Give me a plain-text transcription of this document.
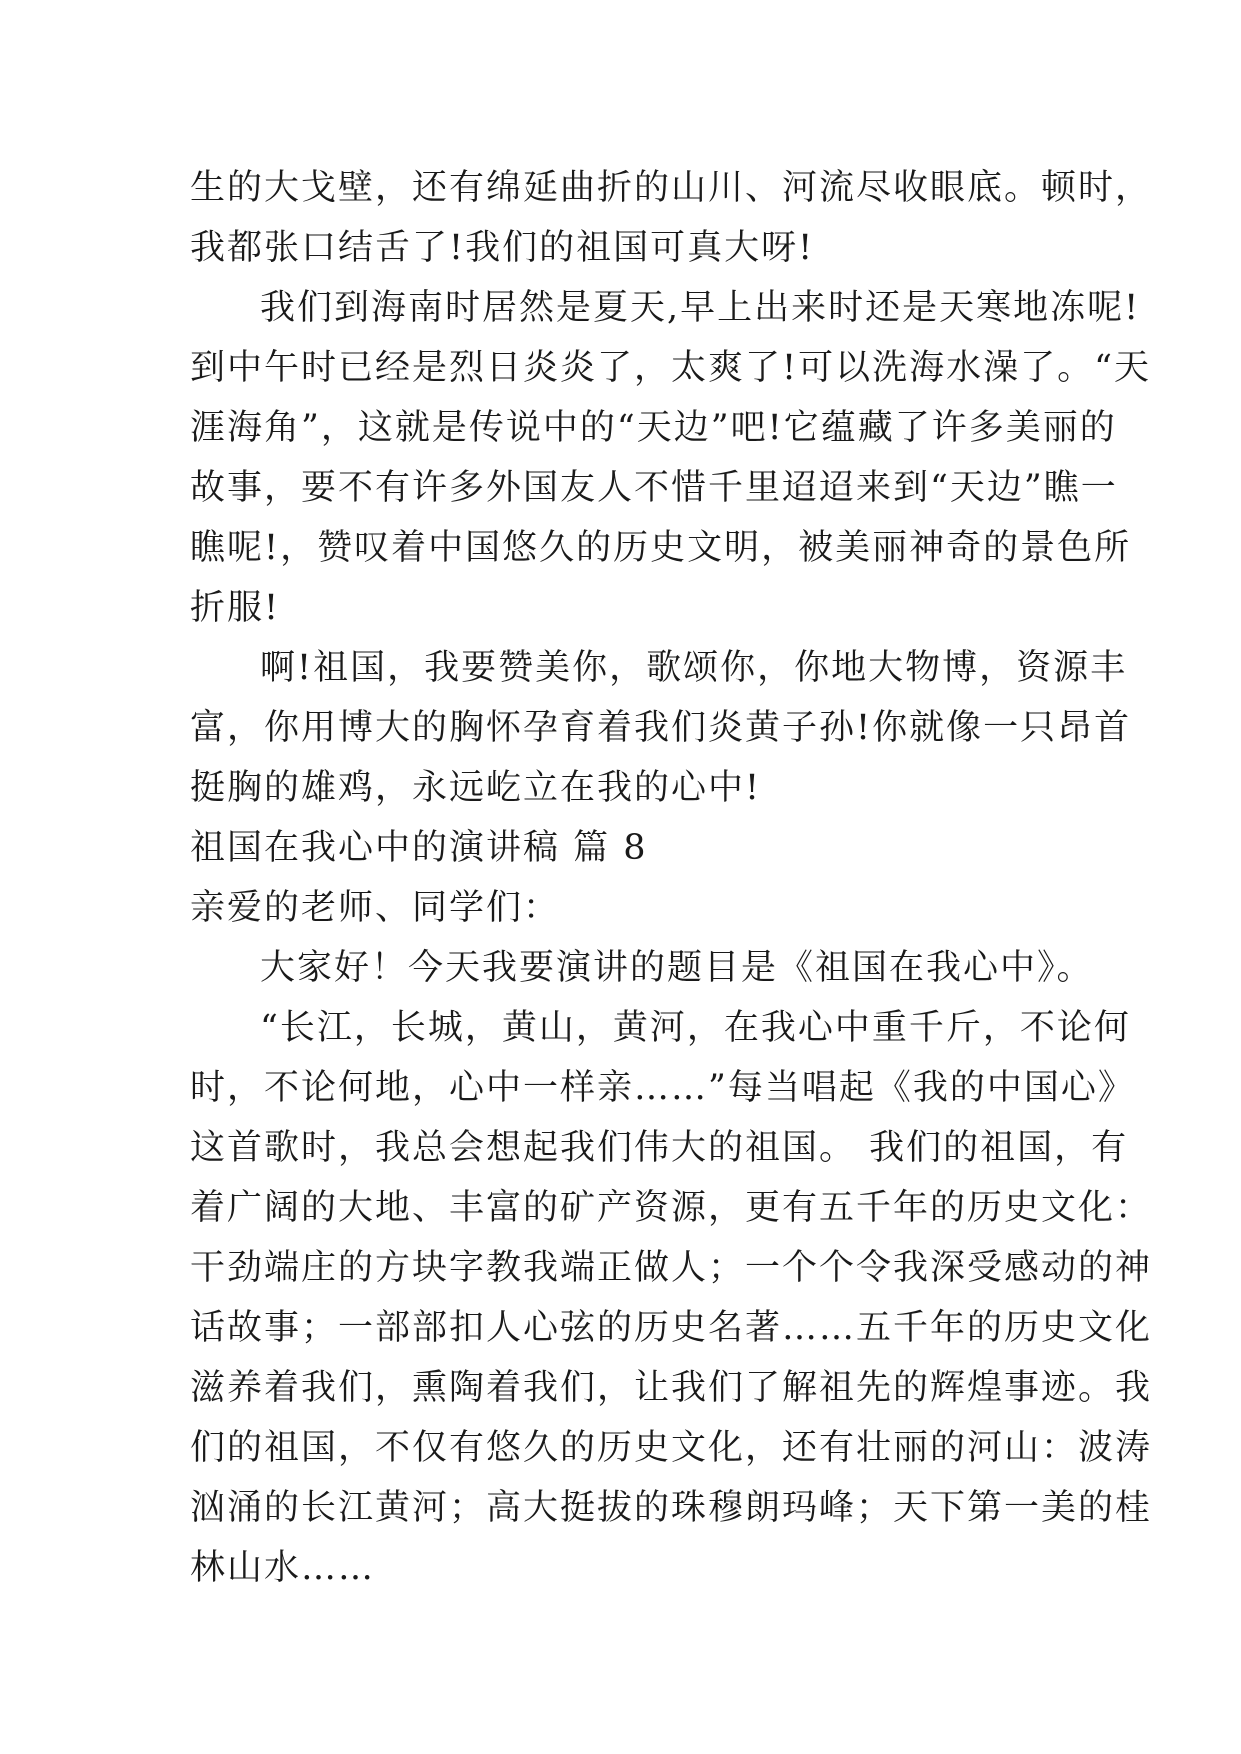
生的大戈壁，还有绵延曲折的山川、河流尽收眼底。顿时，
我都张口结舌了!我们的祖国可真大呀!
我们到海南时居然是夏天,早上出来时还是天寒地冻呢!
到中午时已经是烈日炎炎了，太爽了!可以洗海水澡了。“天
涯海角”，这就是传说中的“天边”吧!它蕴藏了许多美丽的
故事，要不有许多外国友人不惜千里迢迢来到“天边”瞧一
瞧呢!，赞叹着中国悠久的历史文明，被美丽神奇的景色所
折服!
啊!祖国，我要赞美你，歌颂你，你地大物博，资源丰
富，你用博大的胸怀孕育着我们炎黄子孙!你就像一只昂首
挺胸的雄鸡，永远屹立在我的心中!
祖国在我心中的演讲稿 篇 8
亲爱的老师、同学们：
大家好！今天我要演讲的题目是《祖国在我心中》。
“长江，长城，黄山，黄河，在我心中重千斤，不论何
时，不论何地，心中一样亲……”每当唱起《我的中国心》
这首歌时，我总会想起我们伟大的祖国。 我们的祖国，有
着广阔的大地、丰富的矿产资源，更有五千年的历史文化：
干劲端庄的方块字教我端正做人；一个个令我深受感动的神
话故事；一部部扣人心弦的历史名著……五千年的历史文化
滋养着我们，熏陶着我们，让我们了解祖先的辉煌事迹。我
们的祖国，不仅有悠久的历史文化，还有壮丽的河山：波涛
汹涌的长江黄河；高大挺拔的珠穆朗玛峰；天下第一美的桂
林山水……
